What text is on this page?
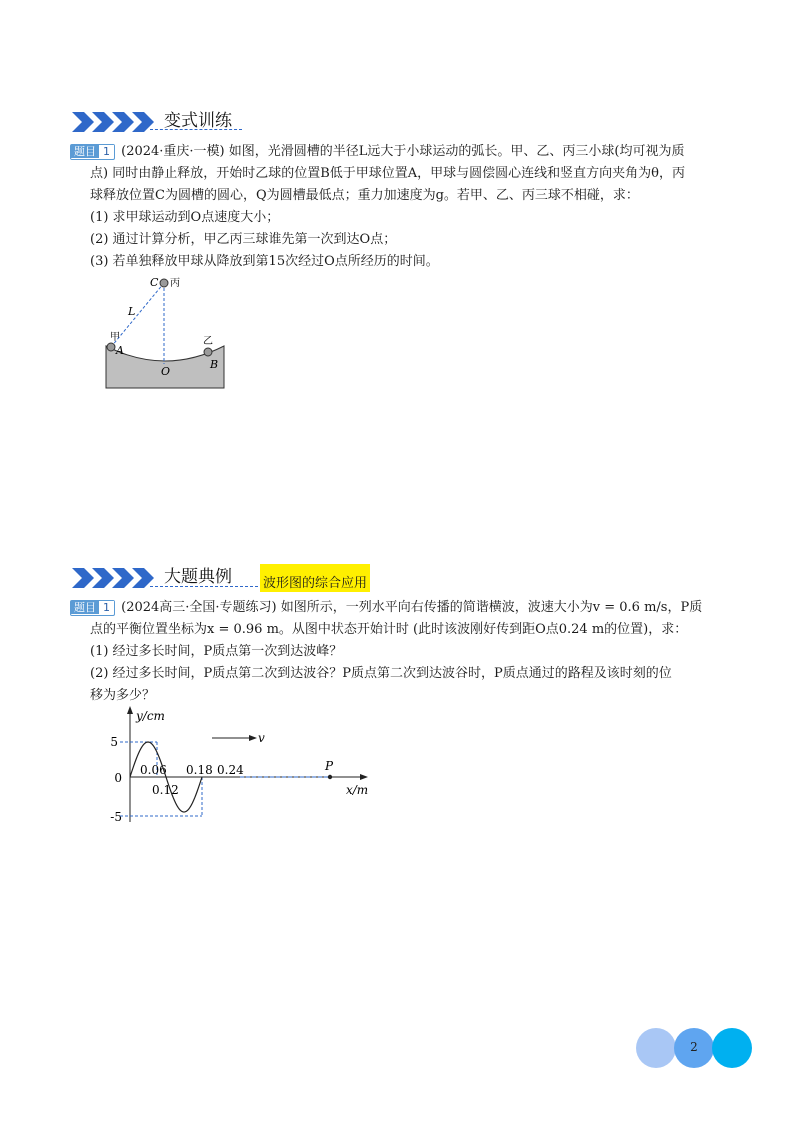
变式训练
题目 1 (2024·重庆·一模) 如图，光滑圆槽的半径L远大于小球运动的弧长。甲、乙、丙三小球(均可视为质
点) 同时由静止释放，开始时乙球的位置B低于甲球位置A，甲球与圆偿圆心连线和竖直方向夹角为θ，丙
球释放位置C为圆槽的圆心，Q为圆槽最低点；重力加速度为g。若甲、乙、丙三球不相碰，求：
(1) 求甲球运动到O点速度大小；
(2) 通过计算分析，甲乙丙三球谁先第一次到达O点；
(3) 若单独释放甲球从降放到第15次经过O点所经历的时间。
C 丙
L
甲
A
乙
B
O
大题典例 波形图的综合应用
题目 1 (2024高三·全国·专题练习) 如图所示，一列水平向右传播的简谐横波，波速大小为v = 0.6 m/s，P质
点的平衡位置坐标为x = 0.96 m。从图中状态开始计时 (此时该波刚好传到距O点0.24 m的位置)，求：
(1) 经过多长时间，P质点第一次到达波峰？
(2) 经过多长时间，P质点第二次到达波谷？P质点第二次到达波谷时，P质点通过的路程及该时刻的位
移为多少？
y/cm
x/m
5
0
-5
0.06
0.12
0.18 0.24
v
P
2
